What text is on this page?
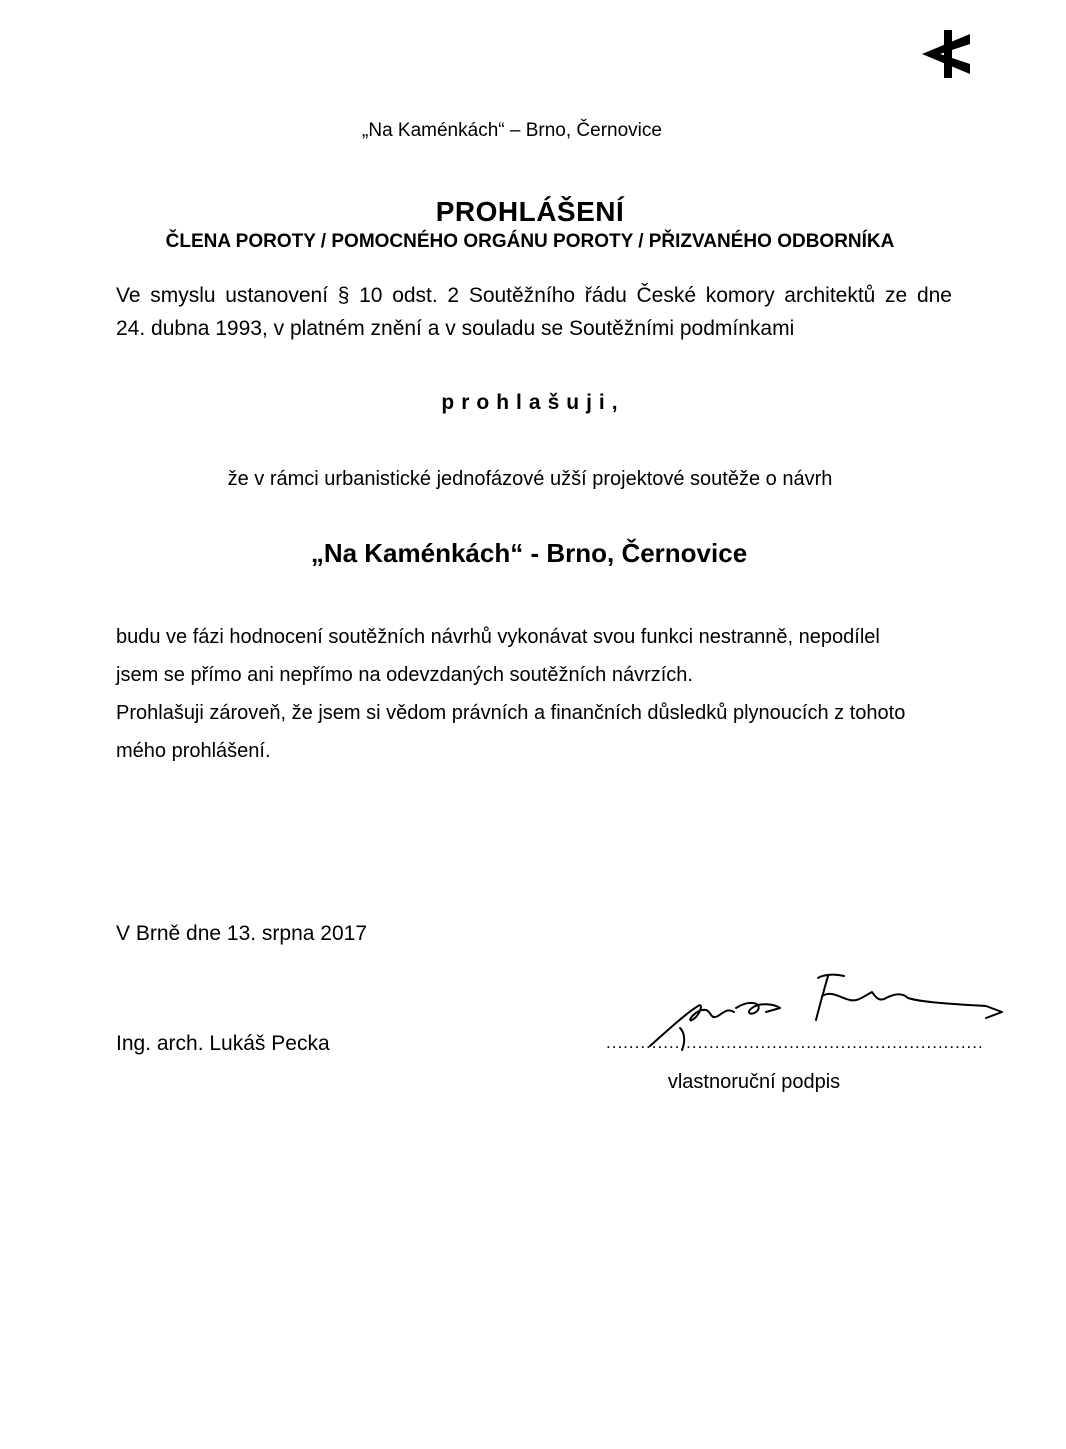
„Na Kaménkách“ – Brno, Černovice
PROHLÁŠENÍ
ČLENA POROTY / POMOCNÉHO ORGÁNU POROTY / PŘIZVANÉHO ODBORNÍKA
Ve smyslu ustanovení § 10 odst. 2 Soutěžního řádu České komory architektů ze dne
24. dubna 1993, v platném znění a v souladu se Soutěžními podmínkami
prohlašuji,
že v rámci urbanistické jednofázové užší projektové soutěže o návrh
„Na Kaménkách“ - Brno, Černovice

budu ve fázi hodnocení soutěžních návrhů vykonávat svou funkci nestranně, nepodílel

jsem se přímo ani nepřímo na odevzdaných soutěžních návrzích.

Prohlašuji zároveň, že jsem si vědom právních a finančních důsledků plynoucích z tohoto

mého prohlášení.

V Brně dne 13. srpna 2017
Ing. arch. Lukáš Pecka	..................................................................
vlastnoruční podpis
